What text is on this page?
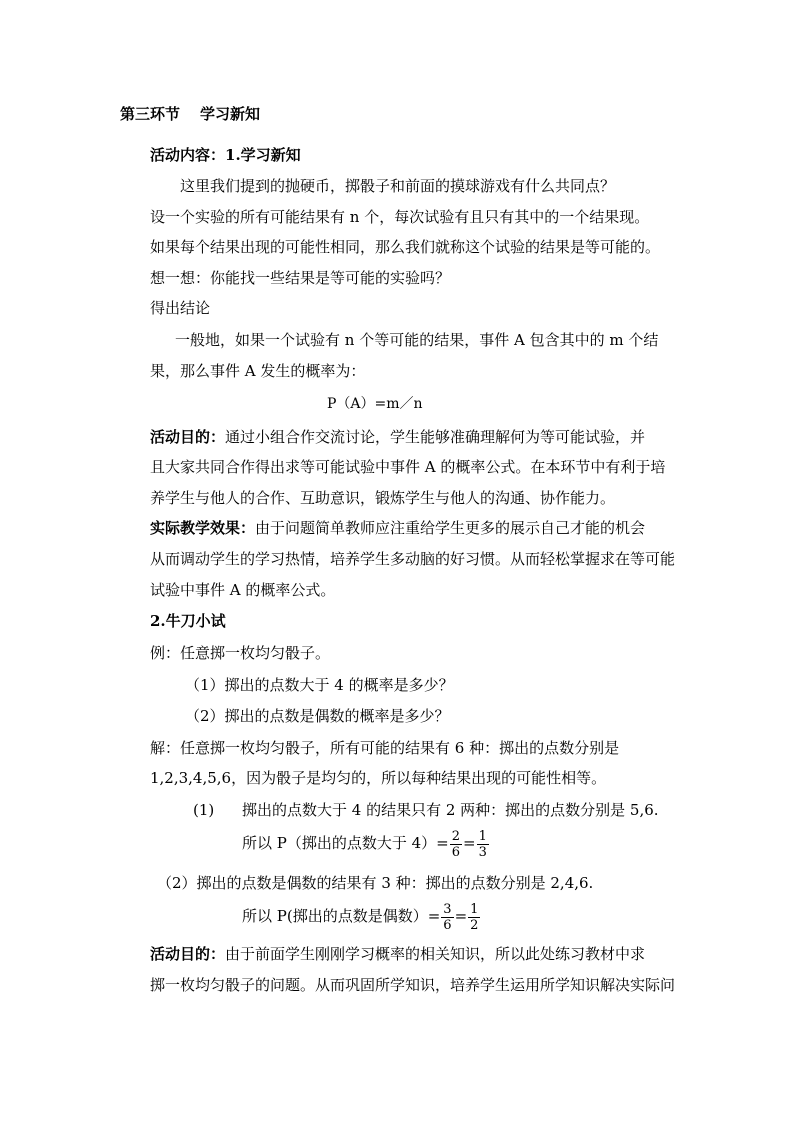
第三环节 学习新知
活动内容：1.学习新知
这里我们提到的抛硬币，掷骰子和前面的摸球游戏有什么共同点？
设一个实验的所有可能结果有 n 个，每次试验有且只有其中的一个结果现。
如果每个结果出现的可能性相同，那么我们就称这个试验的结果是等可能的。
想一想：你能找一些结果是等可能的实验吗？
得出结论
一般地，如果一个试验有 n 个等可能的结果，事件 A 包含其中的 m 个结
果，那么事件 A 发生的概率为：
P（A）=m／n
活动目的：通过小组合作交流讨论，学生能够准确理解何为等可能试验，并
且大家共同合作得出求等可能试验中事件 A 的概率公式。在本环节中有利于培
养学生与他人的合作、互助意识，锻炼学生与他人的沟通、协作能力。
实际教学效果：由于问题简单教师应注重给学生更多的展示自己才能的机会
从而调动学生的学习热情，培养学生多动脑的好习惯。从而轻松掌握求在等可能
试验中事件 A 的概率公式。
2.牛刀小试
例：任意掷一枚均匀骰子。
（1）掷出的点数大于 4 的概率是多少？
（2）掷出的点数是偶数的概率是多少？
解：任意掷一枚均匀骰子，所有可能的结果有 6 种：掷出的点数分别是
1,2,3,4,5,6，因为骰子是均匀的，所以每种结果出现的可能性相等。
(1) 掷出的点数大于 4 的结果只有 2 两种：掷出的点数分别是 5,6.
所以 P（掷出的点数大于 $4)= \frac{2}{6} = \frac{1}{3}$
（2）掷出的点数是偶数的结果有 3 种：掷出的点数分别是 2,4,6.
所以 P(掷出的点数是偶数）= $\frac{3}{6} = \frac{1}{2}$
活动目的：由于前面学生刚刚学习概率的相关知识，所以此处练习教材中求
掷一枚均匀骰子的问题。从而巩固所学知识，培养学生运用所学知识解决实际问
